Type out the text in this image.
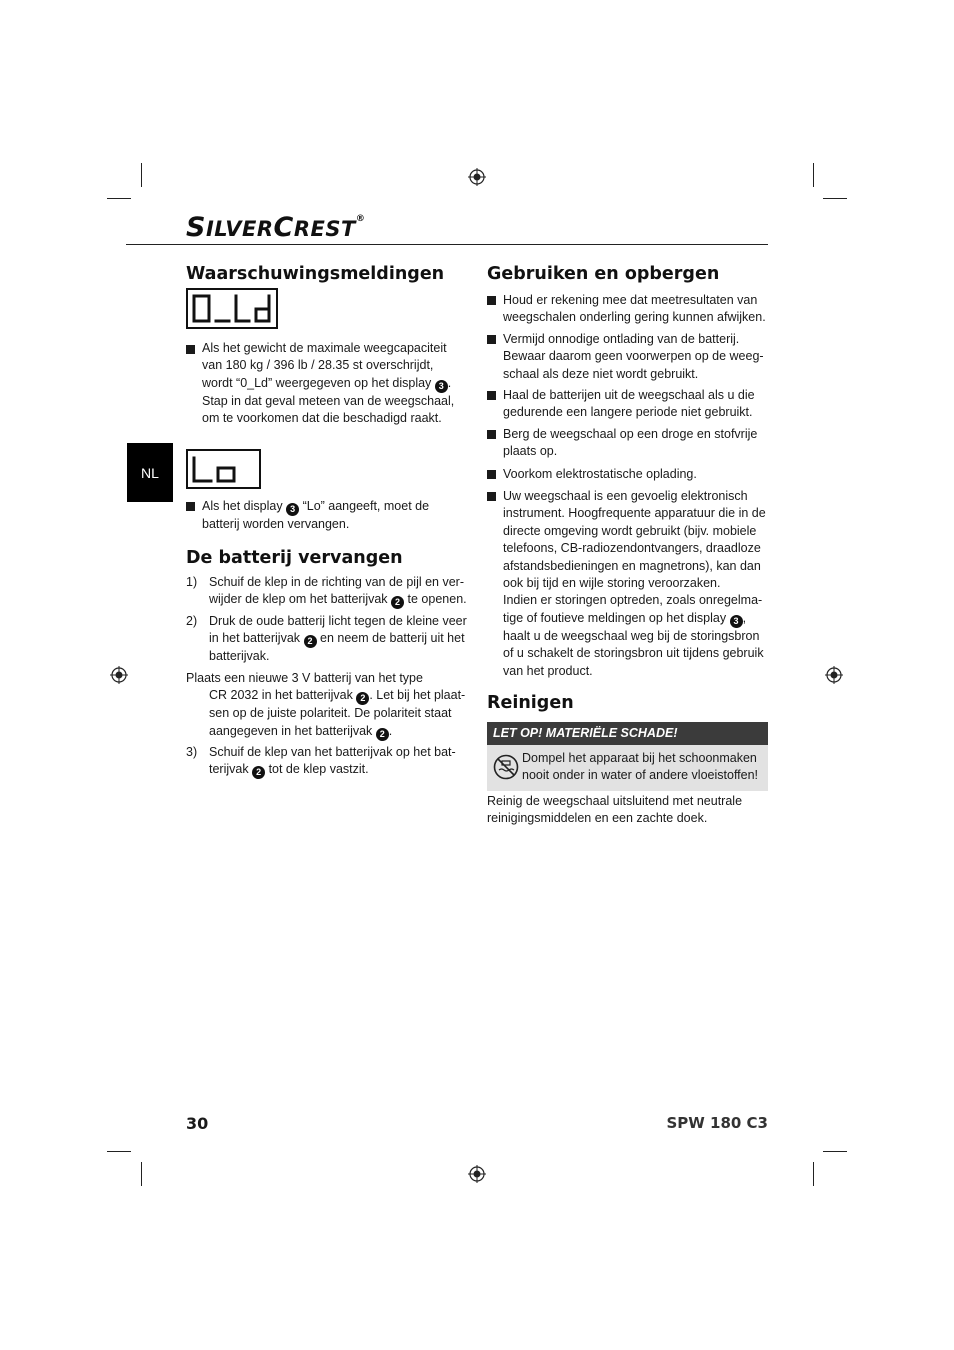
SILVERCREST®
NL
Waarschuwingsmeldingen
Als het gewicht de maximale weegcapaciteit
van 180 kg / 396 lb / 28.35 st overschrijdt,
wordt “0_Ld” weergegeven op het display 3 .
Stap in dat geval meteen van de weegschaal,
om te voorkomen dat die beschadigd raakt.
Als het display 3 “Lo” aangeeft, moet de
batterij worden vervangen.
De batterij vervangen
1) Schuif de klep in de richting van de pijl en ver-
wijder de klep om het batterijvak 2 te openen.
2) Druk de oude batterij licht tegen de kleine veer
in het batterijvak 2 en neem de batterij uit het
batterijvak.
Plaats een nieuwe 3 V batterij van het type
CR 2032 in het batterijvak 2 . Let bij het plaat-
sen op de juiste polariteit. De polariteit staat
aangegeven in het batterijvak 2 .
3) Schuif de klep van het batterijvak op het bat-
terijvak 2 tot de klep vastzit.
Gebruiken en opbergen
Houd er rekening mee dat meetresultaten van
weegschalen onderling gering kunnen afwijken.
Vermijd onnodige ontlading van de batterij.
Bewaar daarom geen voorwerpen op de weeg-
schaal als deze niet wordt gebruikt.
Haal de batterijen uit de weegschaal als u die
gedurende een langere periode niet gebruikt.
Berg de weegschaal op een droge en stofvrije
plaats op.
Voorkom elektrostatische oplading.
Uw weegschaal is een gevoelig elektronisch
instrument. Hoogfrequente apparatuur die in de
directe omgeving wordt gebruikt (bijv. mobiele
telefoons, CB-radiozendontvangers, draadloze
afstandsbedieningen en magnetrons), kan dan
ook bij tijd en wijle storing veroorzaken.
Indien er storingen optreden, zoals onregelma-
tige of foutieve meldingen op het display 3 ,
haalt u de weegschaal weg bij de storingsbron
of u schakelt de storingsbron uit tijdens gebruik
van het product.
Reinigen
LET OP! MATERIËLE SCHADE!
Dompel het apparaat bij het schoonmaken
nooit onder in water of andere vloeistoffen!
Reinig de weegschaal uitsluitend met neutrale
reinigingsmiddelen en een zachte doek.
30	SPW 180 C3
